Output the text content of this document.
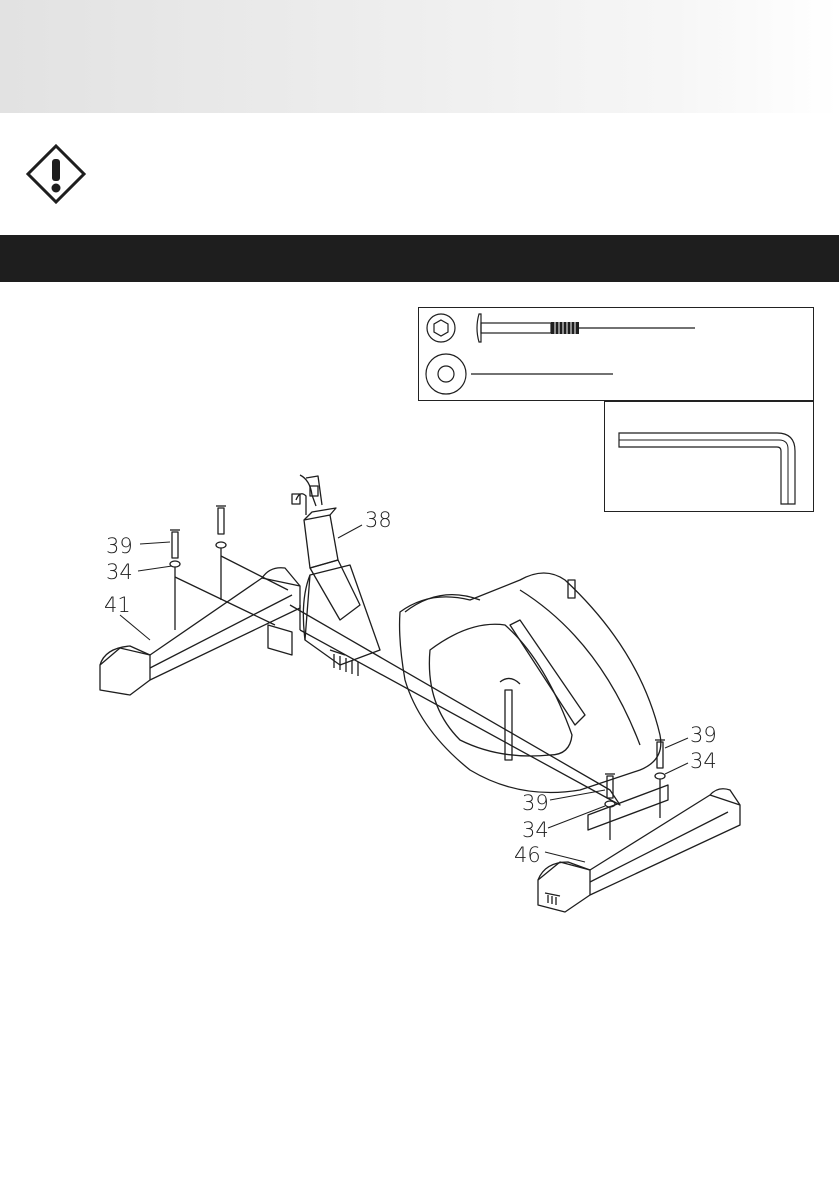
39
34
41
38
39
34
39
34
46
